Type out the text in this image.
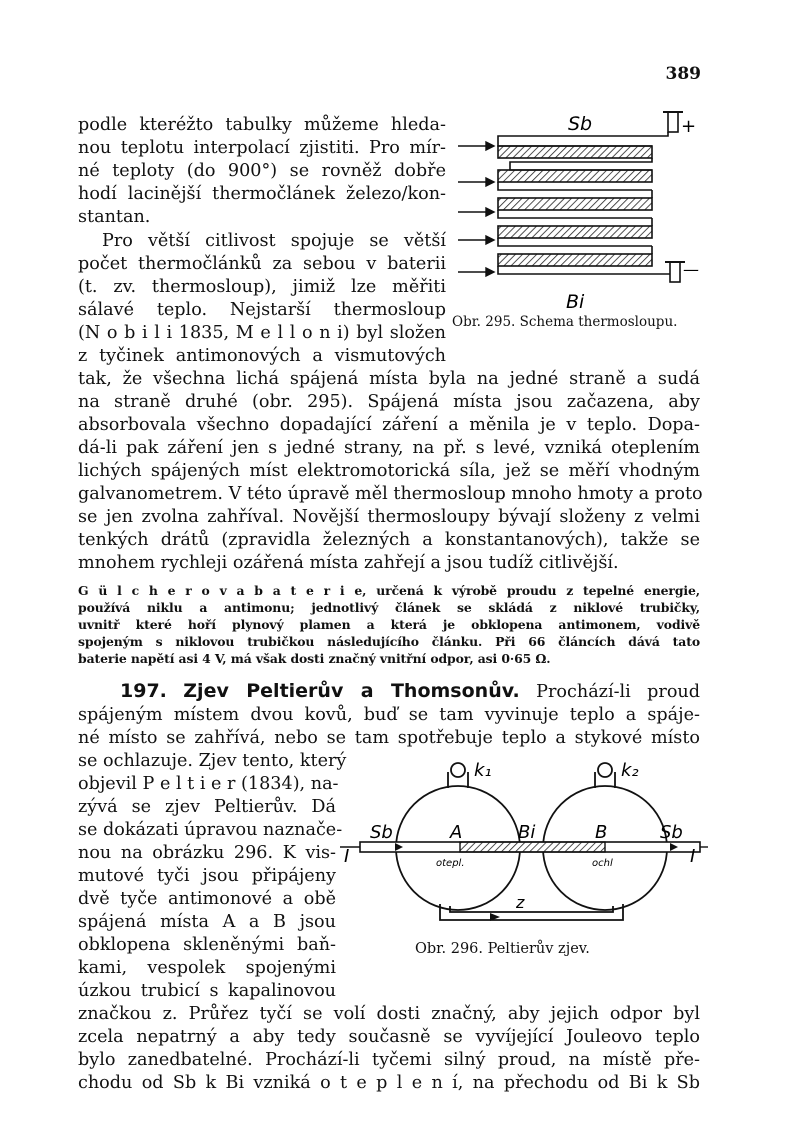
389
podle kteréžto tabulky můžeme hleda-
nou teplotu interpolací zjistiti. Pro mír-
né teploty (do 900°) se rovněž dobře
hodí lacinější thermočlánek železo/kon-
stantan.
Pro větší citlivost spojuje se větší
počet thermočlánků za sebou v baterii
(t. zv. thermosloup), jimiž lze měřiti
sálavé teplo. Nejstarší thermosloup
(N o b i l i 1835, M e l l o n i) byl složen
z tyčinek antimonových a vismutových
tak, že všechna lichá spájená místa byla na jedné straně a sudá
na straně druhé (obr. 295). Spájená místa jsou začazena, aby
absorbovala všechno dopadající záření a měnila je v teplo. Dopa-
dá-li pak záření jen s jedné strany, na př. s levé, vzniká oteplením
lichých spájených míst elektromotorická síla, jež se měří vhodným
galvanometrem. V této úpravě měl thermosloup mnoho hmoty a proto
se jen zvolna zahříval. Novější thermosloupy bývají složeny z velmi
tenkých drátů (zpravidla železných a konstantanových), takže se
mnohem rychleji ozářená místa zahřejí a jsou tudíž citlivější.
G ü l c h e r o v a b a t e r i e, určená k výrobě proudu z tepelné energie,
používá niklu a antimonu; jednotlivý článek se skládá z niklové trubičky,
uvnitř které hoří plynový plamen a která je obklopena antimonem, vodivě
spojeným s niklovou trubičkou následujícího článku. Při 66 článcích dává tato
baterie napětí asi 4 V, má však dosti značný vnitřní odpor, asi 0·65 Ω.
197. Zjev Peltierův a Thomsonův. Prochází-li proud
spájeným místem dvou kovů, buď se tam vyvinuje teplo a spáje-
né místo se zahřívá, nebo se tam spotřebuje teplo a stykové místo
se ochlazuje. Zjev tento, který
objevil P e l t i e r (1834), na-
zývá se zjev Peltierův. Dá
se dokázati úpravou naznače-
nou na obrázku 296. K vis-
mutové tyči jsou připájeny
dvě tyče antimonové a obě
spájená místa A a B jsou
obklopena skleněnými baň-
kami, vespolek spojenými
úzkou trubicí s kapalinovou
značkou z. Průřez tyčí se volí dosti značný, aby jejich odpor byl
zcela nepatrný a aby tedy současně se vyvíjející Jouleovo teplo
bylo zanedbatelné. Prochází-li tyčemi silný proud, na místě pře-
chodu od Sb k Bi vzniká o t e p l e n í, na přechodu od Bi k Sb
Sb
Bi
+
—
Obr. 295. Schema thermosloupu.
k₁	k₂
Sb	Sb
Bi
A	B
I	I
otepl.	ochl
z
Obr. 296. Peltierův zjev.
